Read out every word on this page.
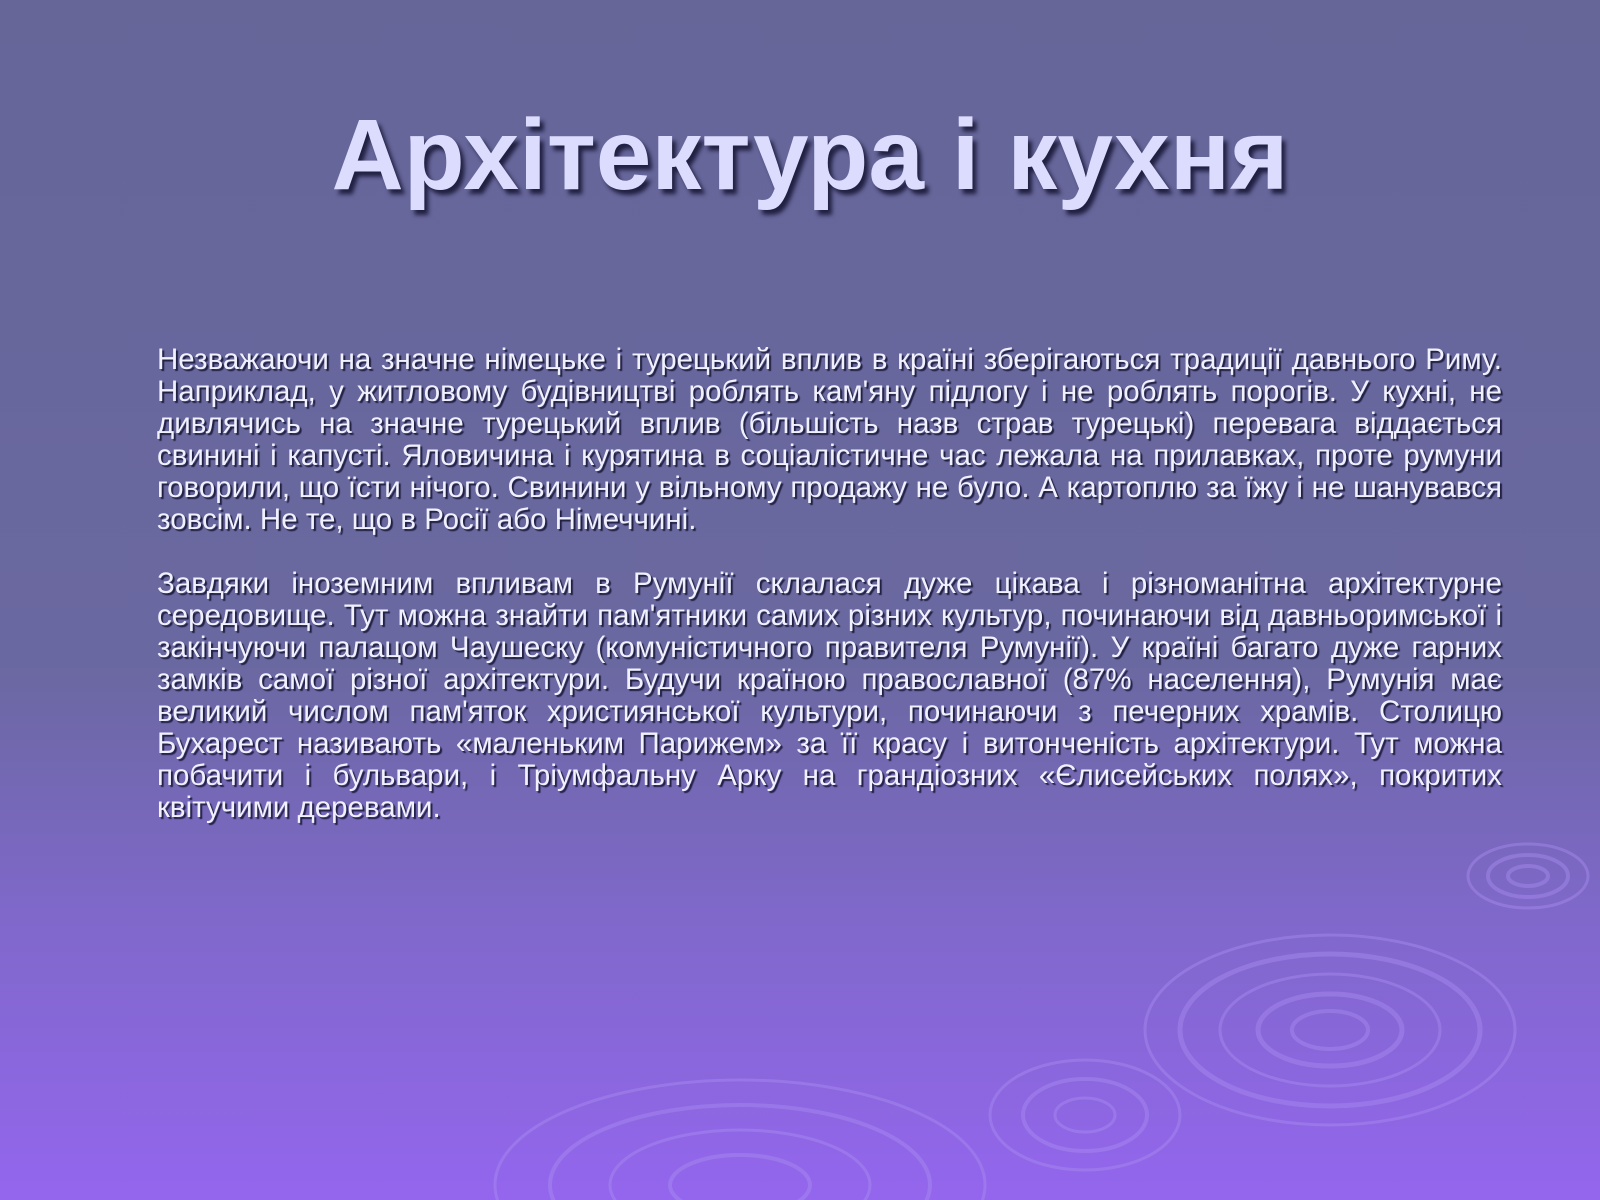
Архітектура і кухня

Незважаючи на значне німецьке і турецький вплив в країні зберігаються традиції давнього Риму. Наприклад, у житловому будівництві роблять кам'яну підлогу і не роблять порогів. У кухні, не дивлячись на значне турецький вплив (більшість назв страв турецькі) перевага віддається свинині і капусті. Яловичина і курятина в соціалістичне час лежала на прилавках, проте румуни говорили, що їсти нічого. Свинини у вільному продажу не було. А картоплю за їжу і не шанувався зовсім. Не те, що в Росії або Німеччині.

Завдяки іноземним впливам в Румунії склалася дуже цікава і різноманітна архітектурне середовище. Тут можна знайти пам'ятники самих різних культур, починаючи від давньоримської і закінчуючи палацом Чаушеску (комуністичного правителя Румунії). У країні багато дуже гарних замків самої різної архітектури. Будучи країною православної (87% населення), Румунія має великий числом пам'яток християнської культури, починаючи з печерних храмів. Столицю Бухарест називають «маленьким Парижем» за її красу і витонченість архітектури. Тут можна побачити і бульвари, і Тріумфальну Арку на грандіозних «Єлисейських полях», покритих квітучими деревами.
